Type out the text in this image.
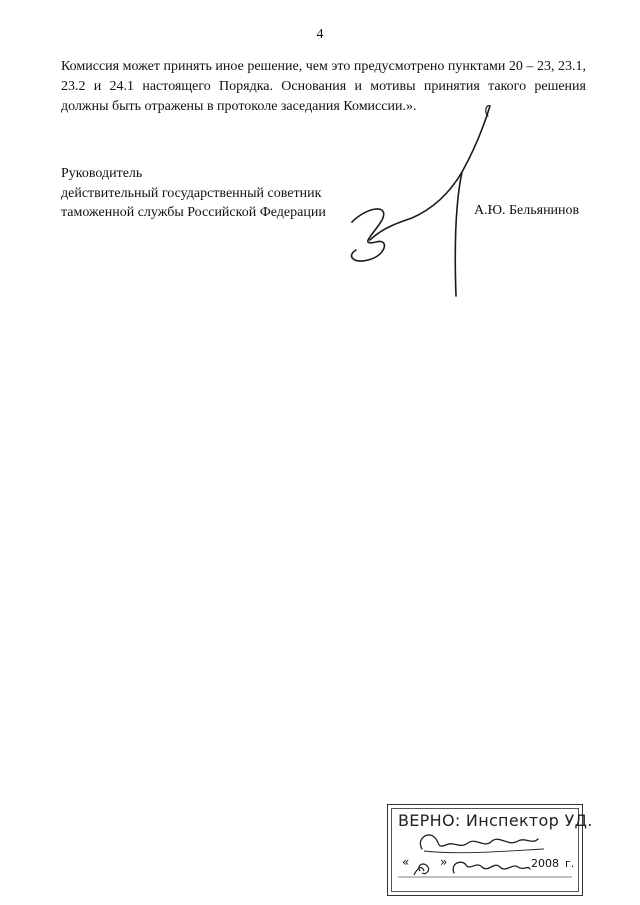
4

Комиссия может принять иное решение, чем это предусмотрено пунктами 20 – 23, 23.1, 23.2 и 24.1 настоящего Порядка. Основания и мотивы принятия такого решения должны быть отражены в протоколе заседания Комиссии.».

Руководитель
действительный государственный советник
таможенной службы Российской Федерации	А.Ю. Бельянинов
ВЕРНО: Инспектор УД.
«	»	2008 г.
